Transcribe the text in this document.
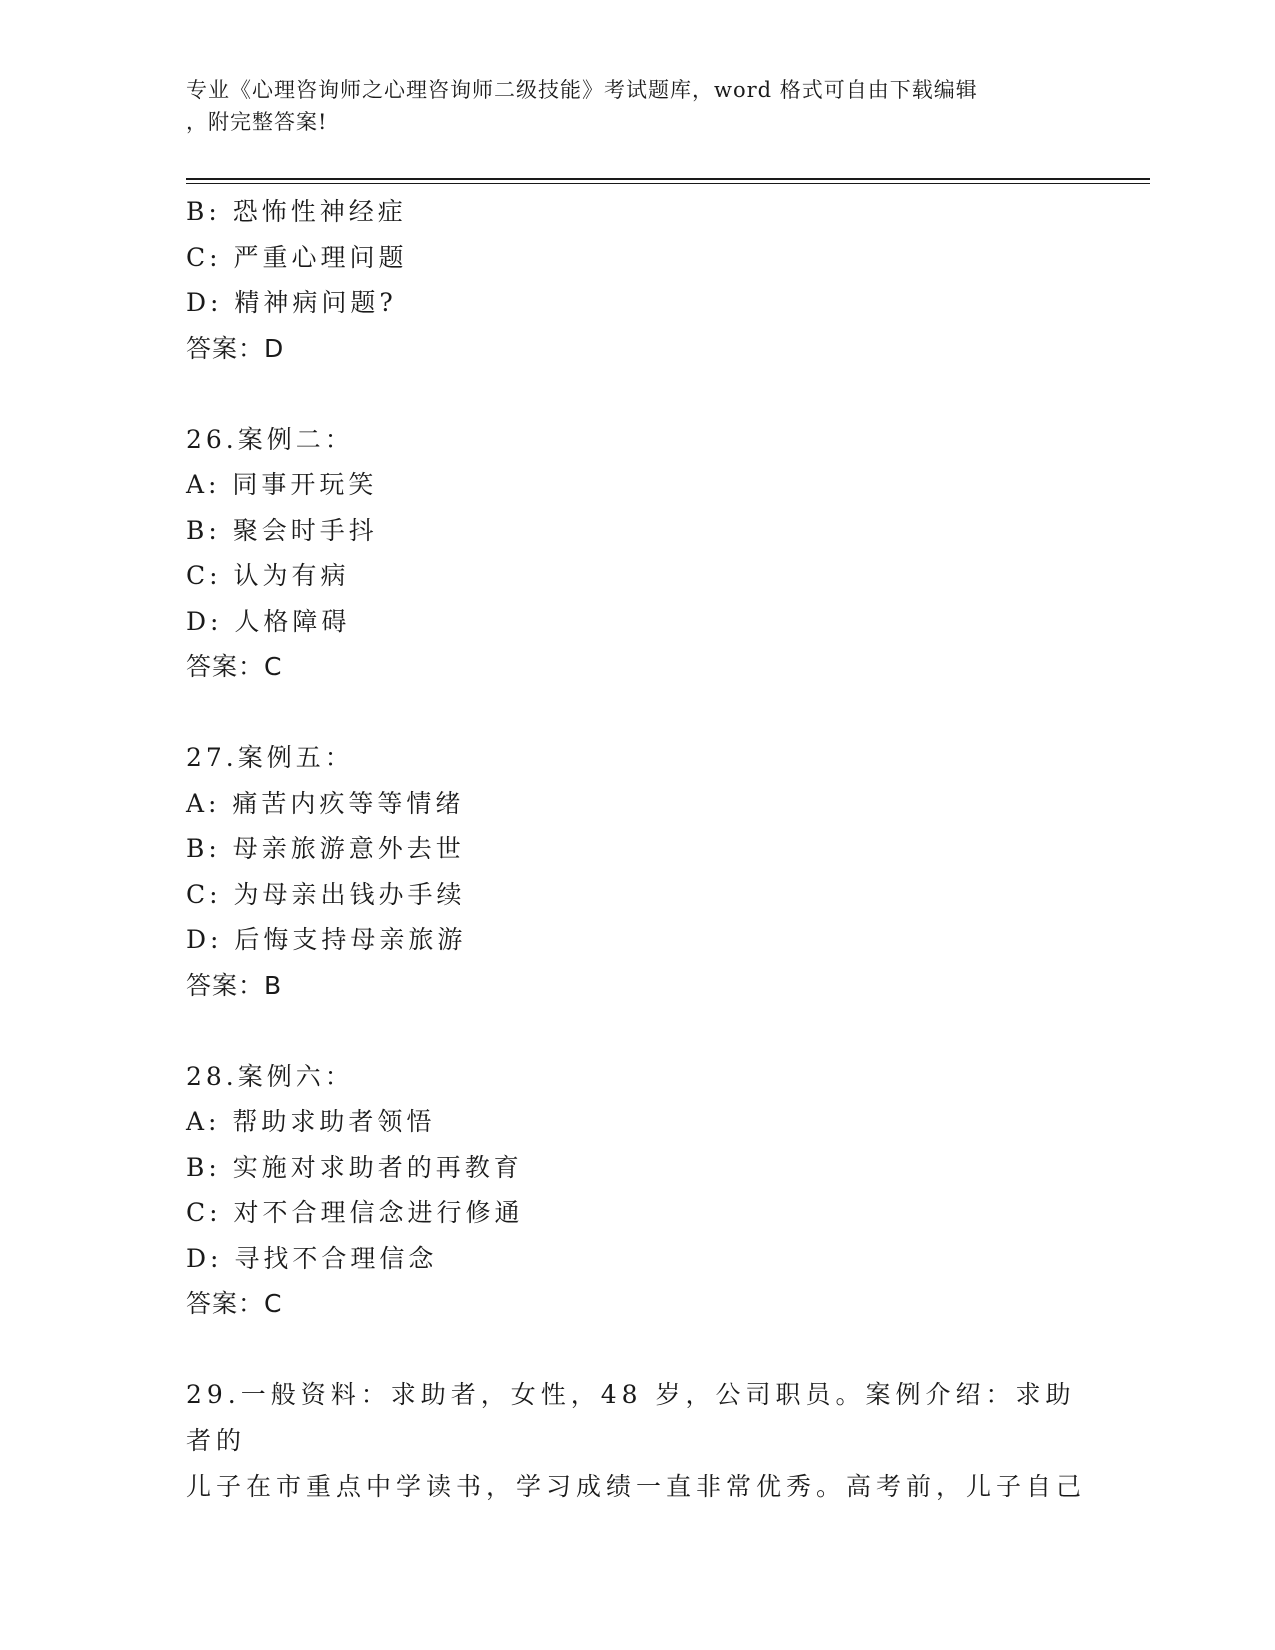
专业《心理咨询师之心理咨询师二级技能》考试题库，word 格式可自由下载编辑
，附完整答案!
B: 恐怖性神经症
C: 严重心理问题
D: 精神病问题?
答案：D
26.案例二：
A: 同事开玩笑
B: 聚会时手抖
C: 认为有病
D: 人格障碍
答案：C
27.案例五：
A: 痛苦内疚等等情绪
B: 母亲旅游意外去世
C: 为母亲出钱办手续
D: 后悔支持母亲旅游
答案：B
28.案例六：
A: 帮助求助者领悟
B: 实施对求助者的再教育
C: 对不合理信念进行修通
D: 寻找不合理信念
答案：C
29.一般资料：求助者，女性，48 岁，公司职员。案例介绍：求助者的
儿子在市重点中学读书，学习成绩一直非常优秀。高考前，儿子自己
